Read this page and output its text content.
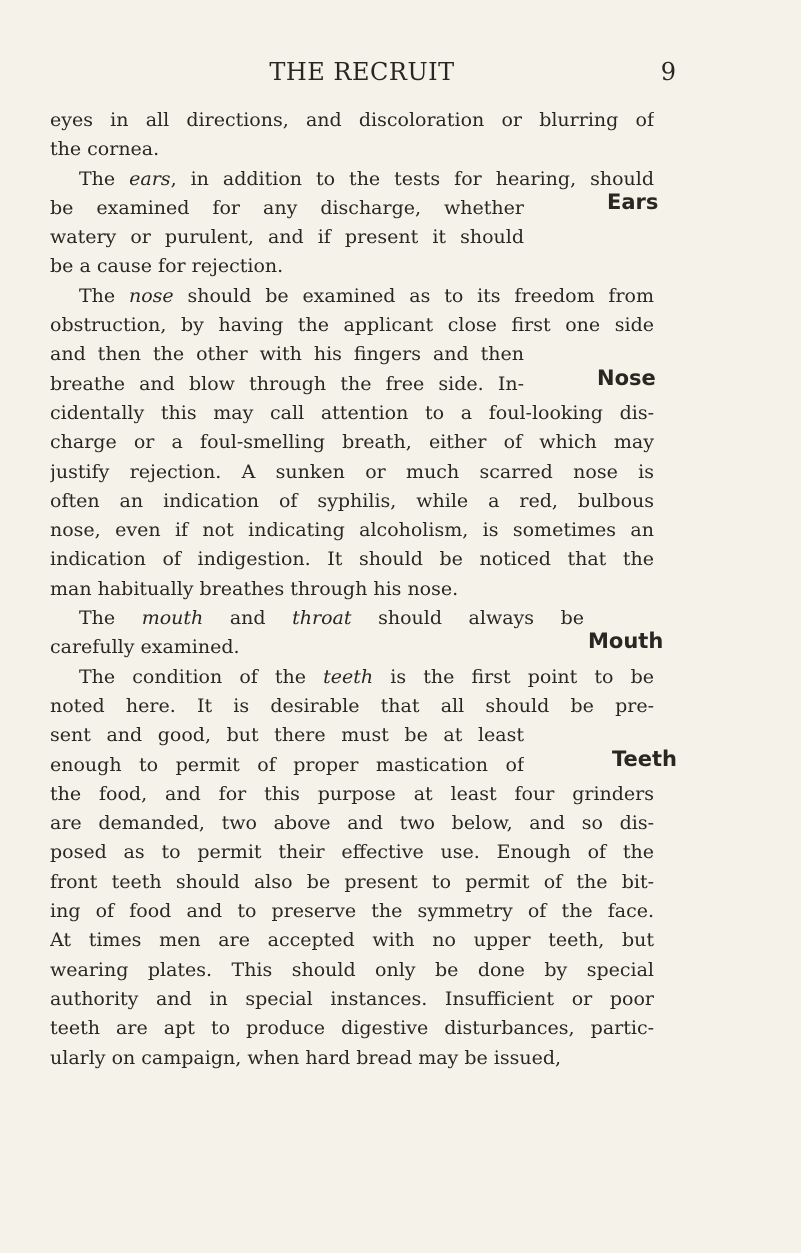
THE RECRUIT	9
eyes in all directions, and discoloration or blurring of
the cornea.
The ears, in addition to the tests for hearing, should
be examined for any discharge, whether
watery or purulent, and if present it should
be a cause for rejection.
The nose should be examined as to its freedom from
obstruction, by having the applicant close first one side
and then the other with his fingers and then
breathe and blow through the free side. In-
cidentally this may call attention to a foul-looking dis-
charge or a foul-smelling breath, either of which may
justify rejection. A sunken or much scarred nose is
often an indication of syphilis, while a red, bulbous
nose, even if not indicating alcoholism, is sometimes an
indication of indigestion. It should be noticed that the
man habitually breathes through his nose.
The mouth and throat should always be
carefully examined.
The condition of the teeth is the first point to be
noted here. It is desirable that all should be pre-
sent and good, but there must be at least
enough to permit of proper mastication of
the food, and for this purpose at least four grinders
are demanded, two above and two below, and so dis-
posed as to permit their effective use. Enough of the
front teeth should also be present to permit of the bit-
ing of food and to preserve the symmetry of the face.
At times men are accepted with no upper teeth, but
wearing plates. This should only be done by special
authority and in special instances. Insufficient or poor
teeth are apt to produce digestive disturbances, partic-
ularly on campaign, when hard bread may be issued,
Ears
Nose
Mouth
Teeth
